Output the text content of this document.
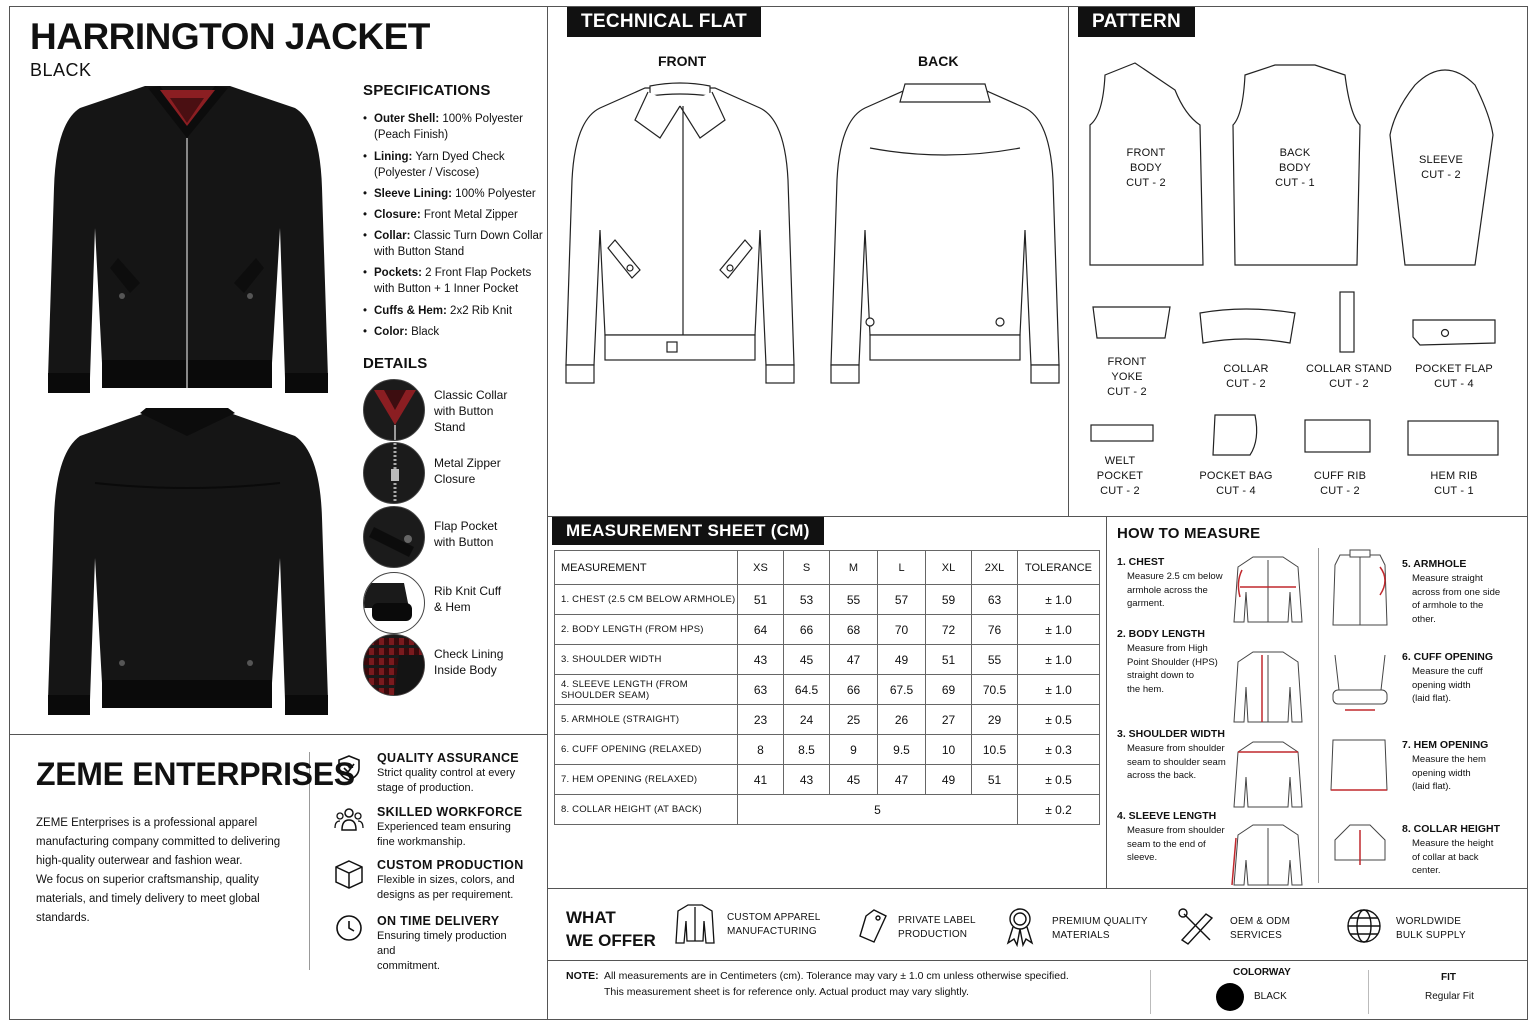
HARRINGTON JACKET
BLACK
SPECIFICATIONS
• Outer Shell: 100% Polyester (Peach Finish)
• Lining: Yarn Dyed Check (Polyester / Viscose)
• Sleeve Lining: 100% Polyester
• Closure: Front Metal Zipper
• Collar: Classic Turn Down Collar with Button Stand
• Pockets: 2 Front Flap Pockets with Button + 1 Inner Pocket
• Cuffs & Hem: 2x2 Rib Knit
• Color: Black
DETAILS
Classic Collar
with Button
Stand
Metal Zipper
Closure
Flap Pocket
with Button
Rib Knit Cuff
& Hem
Check Lining
Inside Body
ZEME ENTERPRISES
ZEME Enterprises is a professional apparel
manufacturing company committed to delivering
high-quality outerwear and fashion wear.
We focus on superior craftsmanship, quality
materials, and timely delivery to meet global
standards.
QUALITY ASSURANCE
Strict quality control at every
stage of production.
SKILLED WORKFORCE
Experienced team ensuring
fine workmanship.
CUSTOM PRODUCTION
Flexible in sizes, colors, and
designs as per requirement.
ON TIME DELIVERY
Ensuring timely production and
commitment.
TECHNICAL FLAT
FRONT	BACK
PATTERN
FRONT
BODY
CUT - 2
BACK
BODY
CUT - 1
SLEEVE
CUT - 2
FRONT
YOKE
CUT - 2
COLLAR
CUT - 2
COLLAR STAND
CUT - 2
POCKET FLAP
CUT - 4
WELT
POCKET
CUT - 2
POCKET BAG
CUT - 4
CUFF RIB
CUT - 2
HEM RIB
CUT - 1
MEASUREMENT SHEET (CM)
MEASUREMENT	XS	S	M	L	XL	2XL	TOLERANCE
1. CHEST (2.5 CM BELOW ARMHOLE)	51	53	55	57	59	63	± 1.0
2. BODY LENGTH (FROM HPS)	64	66	68	70	72	76	± 1.0
3. SHOULDER WIDTH	43	45	47	49	51	55	± 1.0
4. SLEEVE LENGTH (FROM SHOULDER SEAM)	63	64.5	66	67.5	69	70.5	± 1.0
5. ARMHOLE (STRAIGHT)	23	24	25	26	27	29	± 0.5
6. CUFF OPENING (RELAXED)	8	8.5	9	9.5	10	10.5	± 0.3
7. HEM OPENING (RELAXED)	41	43	45	47	49	51	± 0.5
8. COLLAR HEIGHT (AT BACK)	5						± 0.2
HOW TO MEASURE
1. CHEST
Measure 2.5 cm below
armhole across the
garment.
2. BODY LENGTH
Measure from High
Point Shoulder (HPS)
straight down to
the hem.
3. SHOULDER WIDTH
Measure from shoulder
seam to shoulder seam
across the back.
4. SLEEVE LENGTH
Measure from shoulder
seam to the end of
sleeve.
5. ARMHOLE
Measure straight
across from one side
of armhole to the
other.
6. CUFF OPENING
Measure the cuff
opening width
(laid flat).
7. HEM OPENING
Measure the hem
opening width
(laid flat).
8. COLLAR HEIGHT
Measure the height
of collar at back
center.
WHAT
WE OFFER
CUSTOM APPAREL
MANUFACTURING
PRIVATE LABEL
PRODUCTION
PREMIUM QUALITY
MATERIALS
OEM & ODM
SERVICES
WORLDWIDE
BULK SUPPLY
NOTE: All measurements are in Centimeters (cm). Tolerance may vary ± 1.0 cm unless otherwise specified.
This measurement sheet is for reference only. Actual product may vary slightly.
COLORWAY
BLACK
FIT
Regular Fit
